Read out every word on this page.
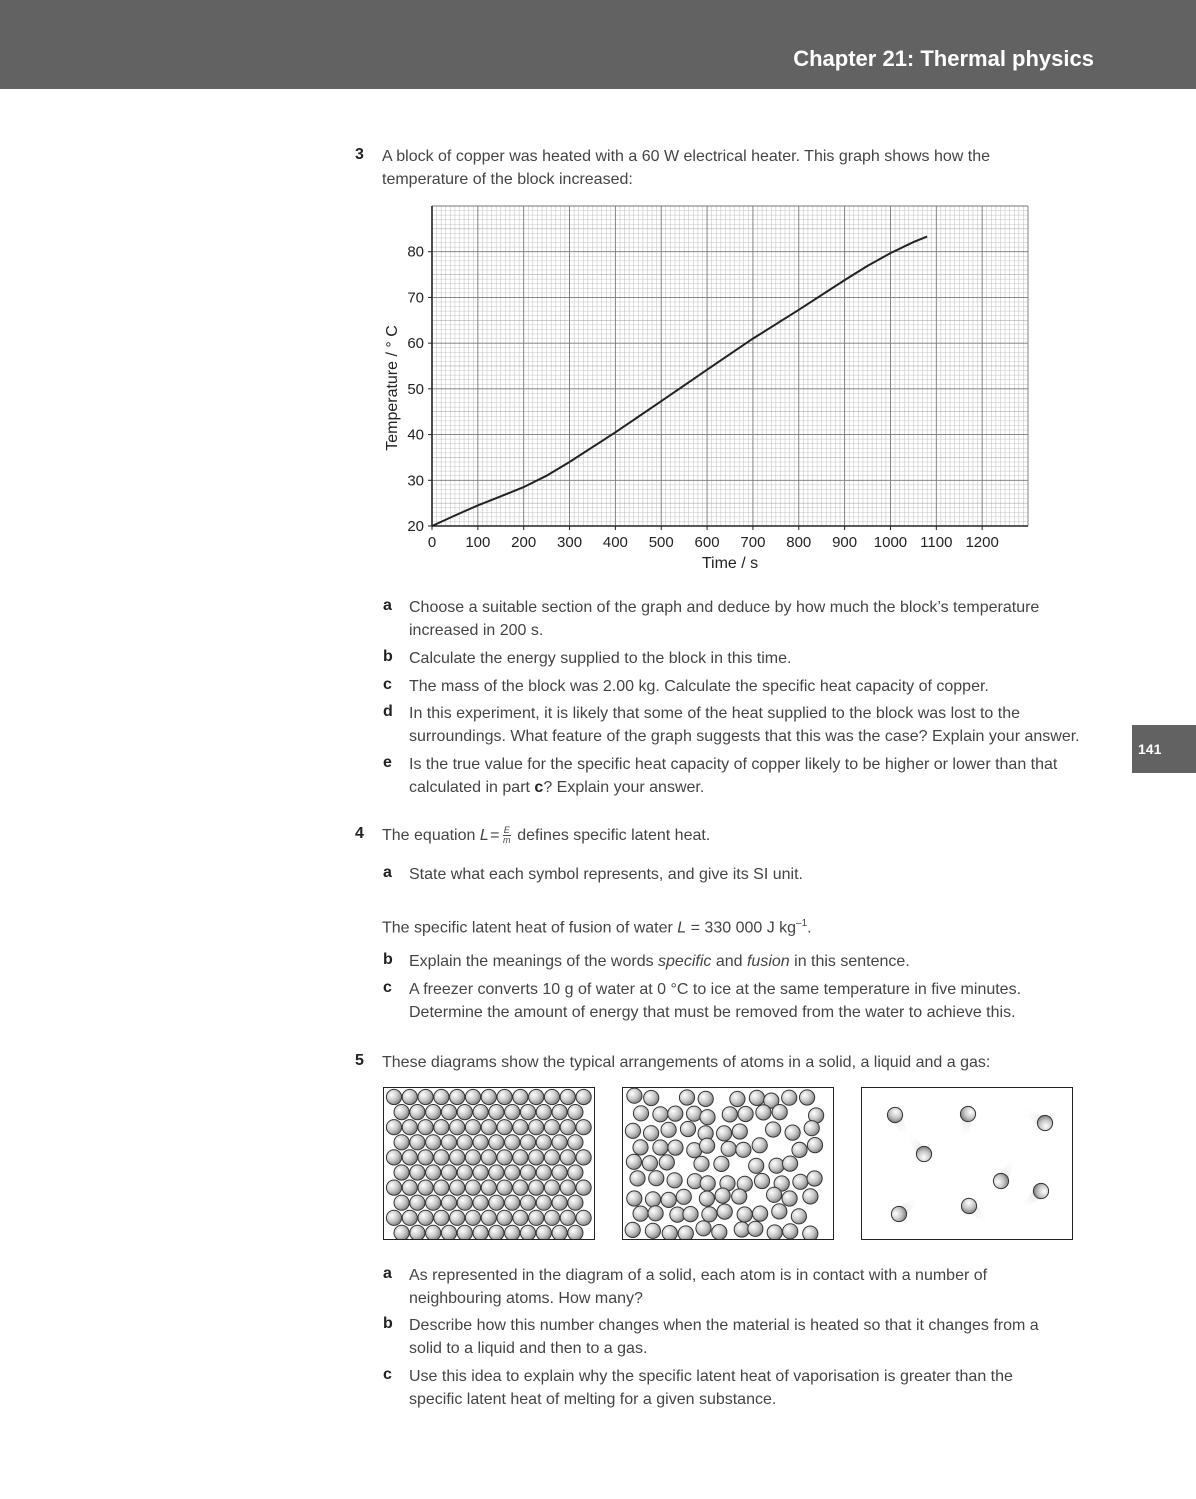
Chapter 21: Thermal physics
141
3 A block of copper was heated with a 60 W electrical heater. This graph shows how the
temperature of the block increased:
0 100 200 300 400 500 600 700 800 900 1000 1100 1200
20
30
40
50
60
70
80
Time / s
Temperature / ° C
a Choose a suitable section of the graph and deduce by how much the block’s temperature
increased in 200 s.
b Calculate the energy supplied to the block in this time.
c The mass of the block was 2.00 kg. Calculate the specific heat capacity of copper.
d In this experiment, it is likely that some of the heat supplied to the block was lost to the
surroundings. What feature of the graph suggests that this was the case? Explain your answer.
e Is the true value for the specific heat capacity of copper likely to be higher or lower than that
calculated in part c? Explain your answer.
4 The equation L =  $\frac{E}{m}$ defines specific latent heat.
a State what each symbol represents, and give its SI unit.
The specific latent heat of fusion of water L = 330 000 J $kg^{-1}$.
b Explain the meanings of the words specific and fusion in this sentence.
c A freezer converts 10 g of water at 0 °C to ice at the same temperature in five minutes.
Determine the amount of energy that must be removed from the water to achieve this.
5 These diagrams show the typical arrangements of atoms in a solid, a liquid and a gas:
a As represented in the diagram of a solid, each atom is in contact with a number of
neighbouring atoms. How many?
b Describe how this number changes when the material is heated so that it changes from a
solid to a liquid and then to a gas.
c Use this idea to explain why the specific latent heat of vaporisation is greater than the
specific latent heat of melting for a given substance.
